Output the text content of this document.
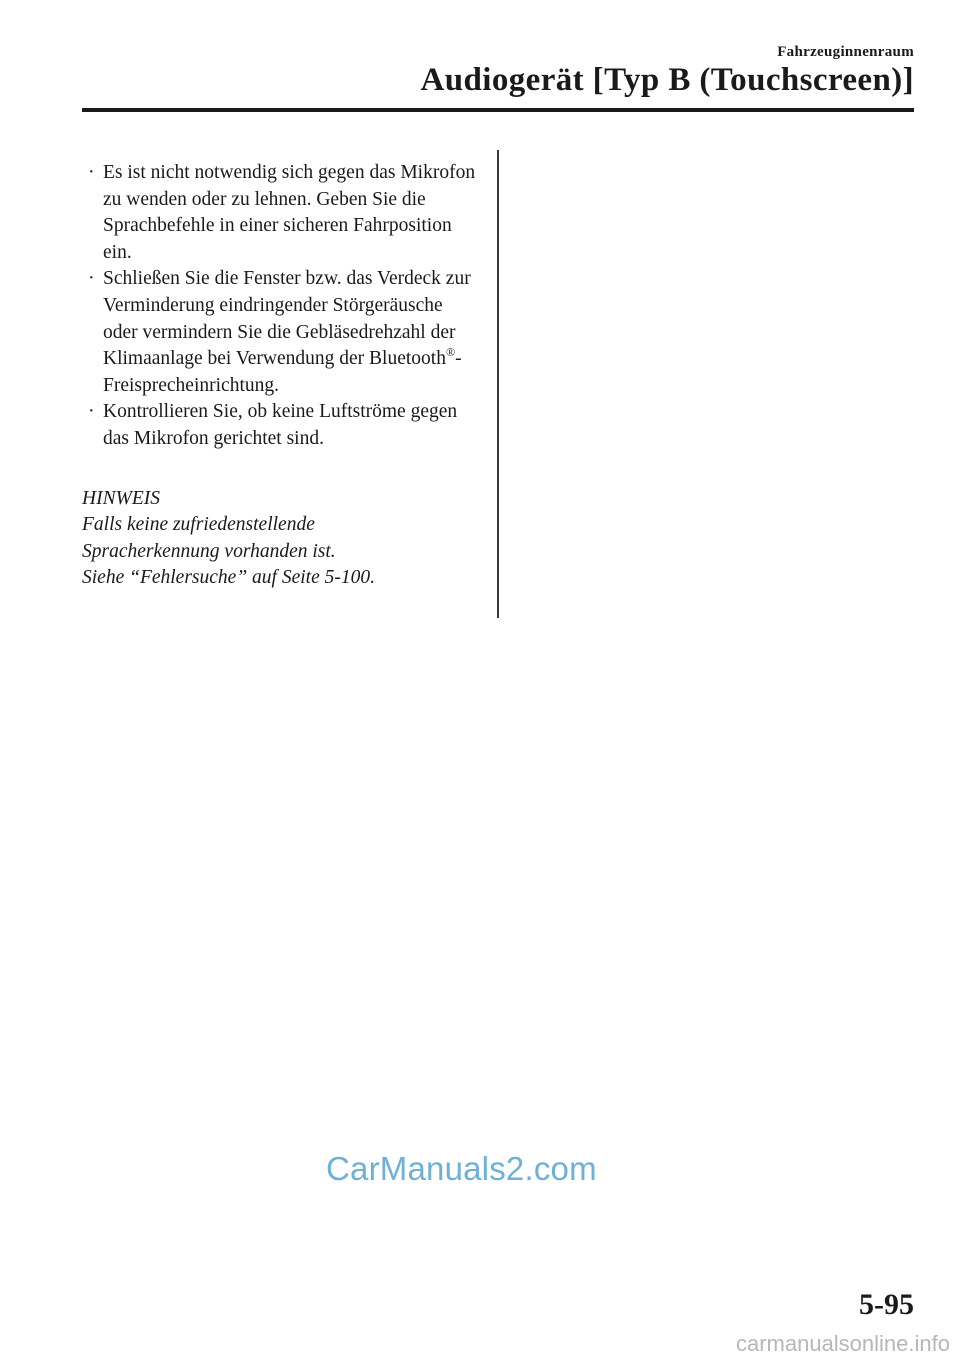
Fahrzeuginnenraum
Audiogerät [Typ B (Touchscreen)]
· Es ist nicht notwendig sich gegen das Mikrofon zu wenden oder zu lehnen. Geben Sie die Sprachbefehle in einer sicheren Fahrposition ein.
· Schließen Sie die Fenster bzw. das Verdeck zur Verminderung eindringender Störgeräusche oder vermindern Sie die Gebläsedrehzahl der Klimaanlage bei Verwendung der Bluetooth®-Freisprecheinrichtung.
· Kontrollieren Sie, ob keine Luftströme gegen das Mikrofon gerichtet sind.
HINWEIS
Falls keine zufriedenstellende
Spracherkennung vorhanden ist.
Siehe “Fehlersuche” auf Seite 5-100.
CarManuals2.com
5-95
carmanualsonline.info
